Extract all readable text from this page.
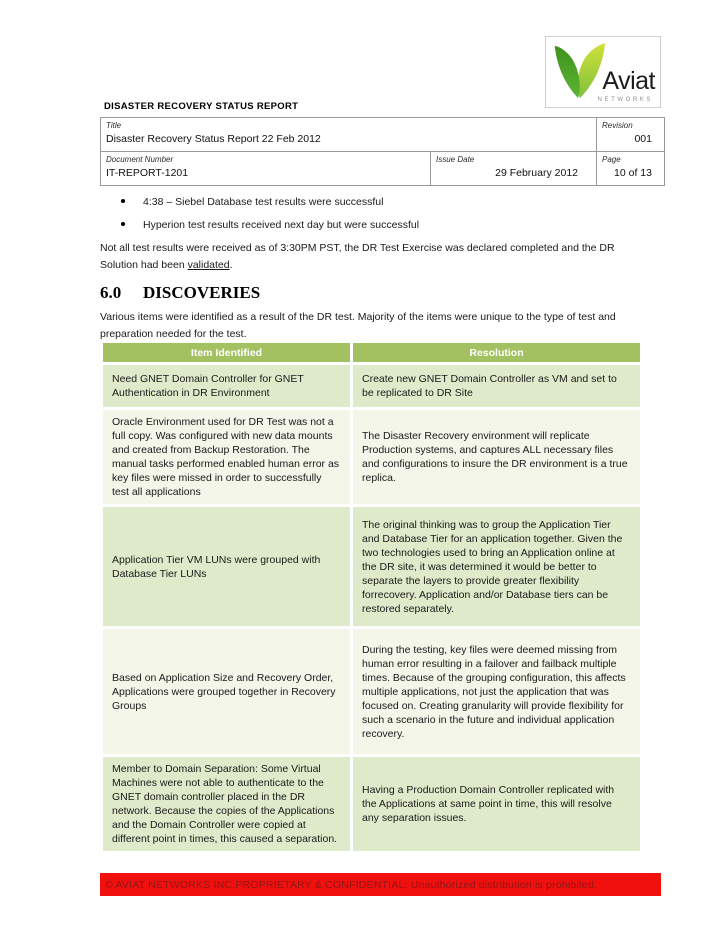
Aviat
NETWORKS
DISASTER RECOVERY STATUS REPORT
Title
Disaster Recovery Status Report 22 Feb 2012
Revision
001
Document Number
IT-REPORT-1201
Issue Date
29 February 2012
Page
10 of 13
4:38 – Siebel Database test results were successful
Hyperion test results received next day but were successful
Not all test results were received as of 3:30PM PST, the DR Test Exercise was declared completed and the DR Solution had been validated.
6.0	DISCOVERIES
Various items were identified as a result of the DR test. Majority of the items were unique to the type of test and preparation needed for the test.
Item Identified	Resolution
Need GNET Domain Controller for GNET Authentication in DR Environment
Create new GNET Domain Controller as VM and set to be replicated to DR Site
Oracle Environment used for DR Test was not a full copy. Was configured with new data mounts and created from Backup Restoration. The manual tasks performed enabled human error as key files were missed in order to successfully test all applications
The Disaster Recovery environment will replicate Production systems, and captures ALL necessary files and configurations to insure the DR environment is a true replica.
Application Tier VM LUNs were grouped with Database Tier LUNs
The original thinking was to group the Application Tier and Database Tier for an application together. Given the two technologies used to bring an Application online at the DR site, it was determined it would be better to separate the layers to provide greater flexibility forrecovery. Application and/or Database tiers can be restored separately.
Based on Application Size and Recovery Order, Applications were grouped together in Recovery Groups
During the testing, key files were deemed missing from human error resulting in a failover and failback multiple times. Because of the grouping configuration, this affects multiple applications, not just the application that was focused on. Creating granularity will provide flexibility for such a scenario in the future and individual application recovery.
Member to Domain Separation: Some Virtual Machines were not able to authenticate to the GNET domain controller placed in the DR network. Because the copies of the Applications and the Domain Controller were copied at different point in times, this caused a separation.
Having a Production Domain Controller replicated with the Applications at same point in time, this will resolve any separation issues.
© AVIAT NETWORKS INC.PROPRIETARY & CONFIDENTIAL: Unauthorized distribution is prohibited.
